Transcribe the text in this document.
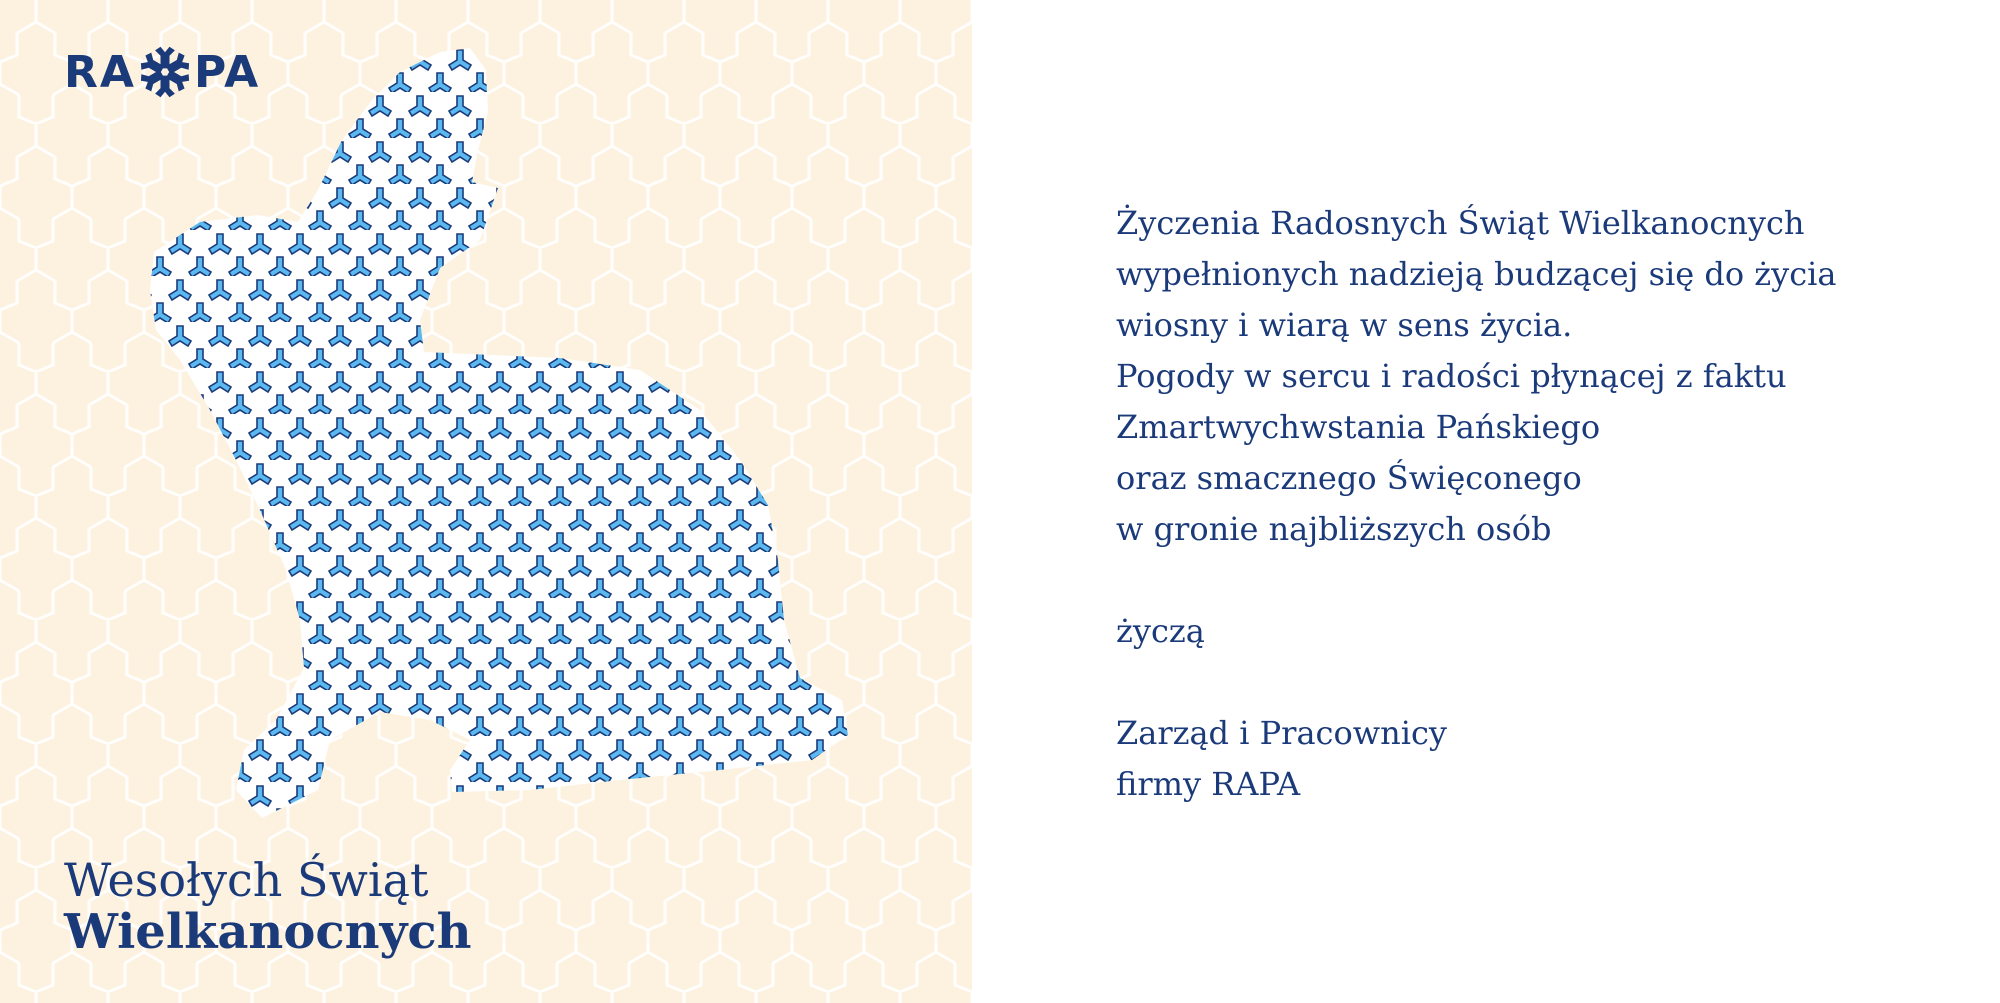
RA PA
Wesołych Świąt
Wielkanocnych
Życzenia Radosnych Świąt Wielkanocnych
wypełnionych nadzieją budzącej się do życia
wiosny i wiarą w sens życia.
Pogody w sercu i radości płynącej z faktu
Zmartwychwstania Pańskiego
oraz smacznego Święconego
w gronie najbliższych osób
życzą
Zarząd i Pracownicy
firmy RAPA
